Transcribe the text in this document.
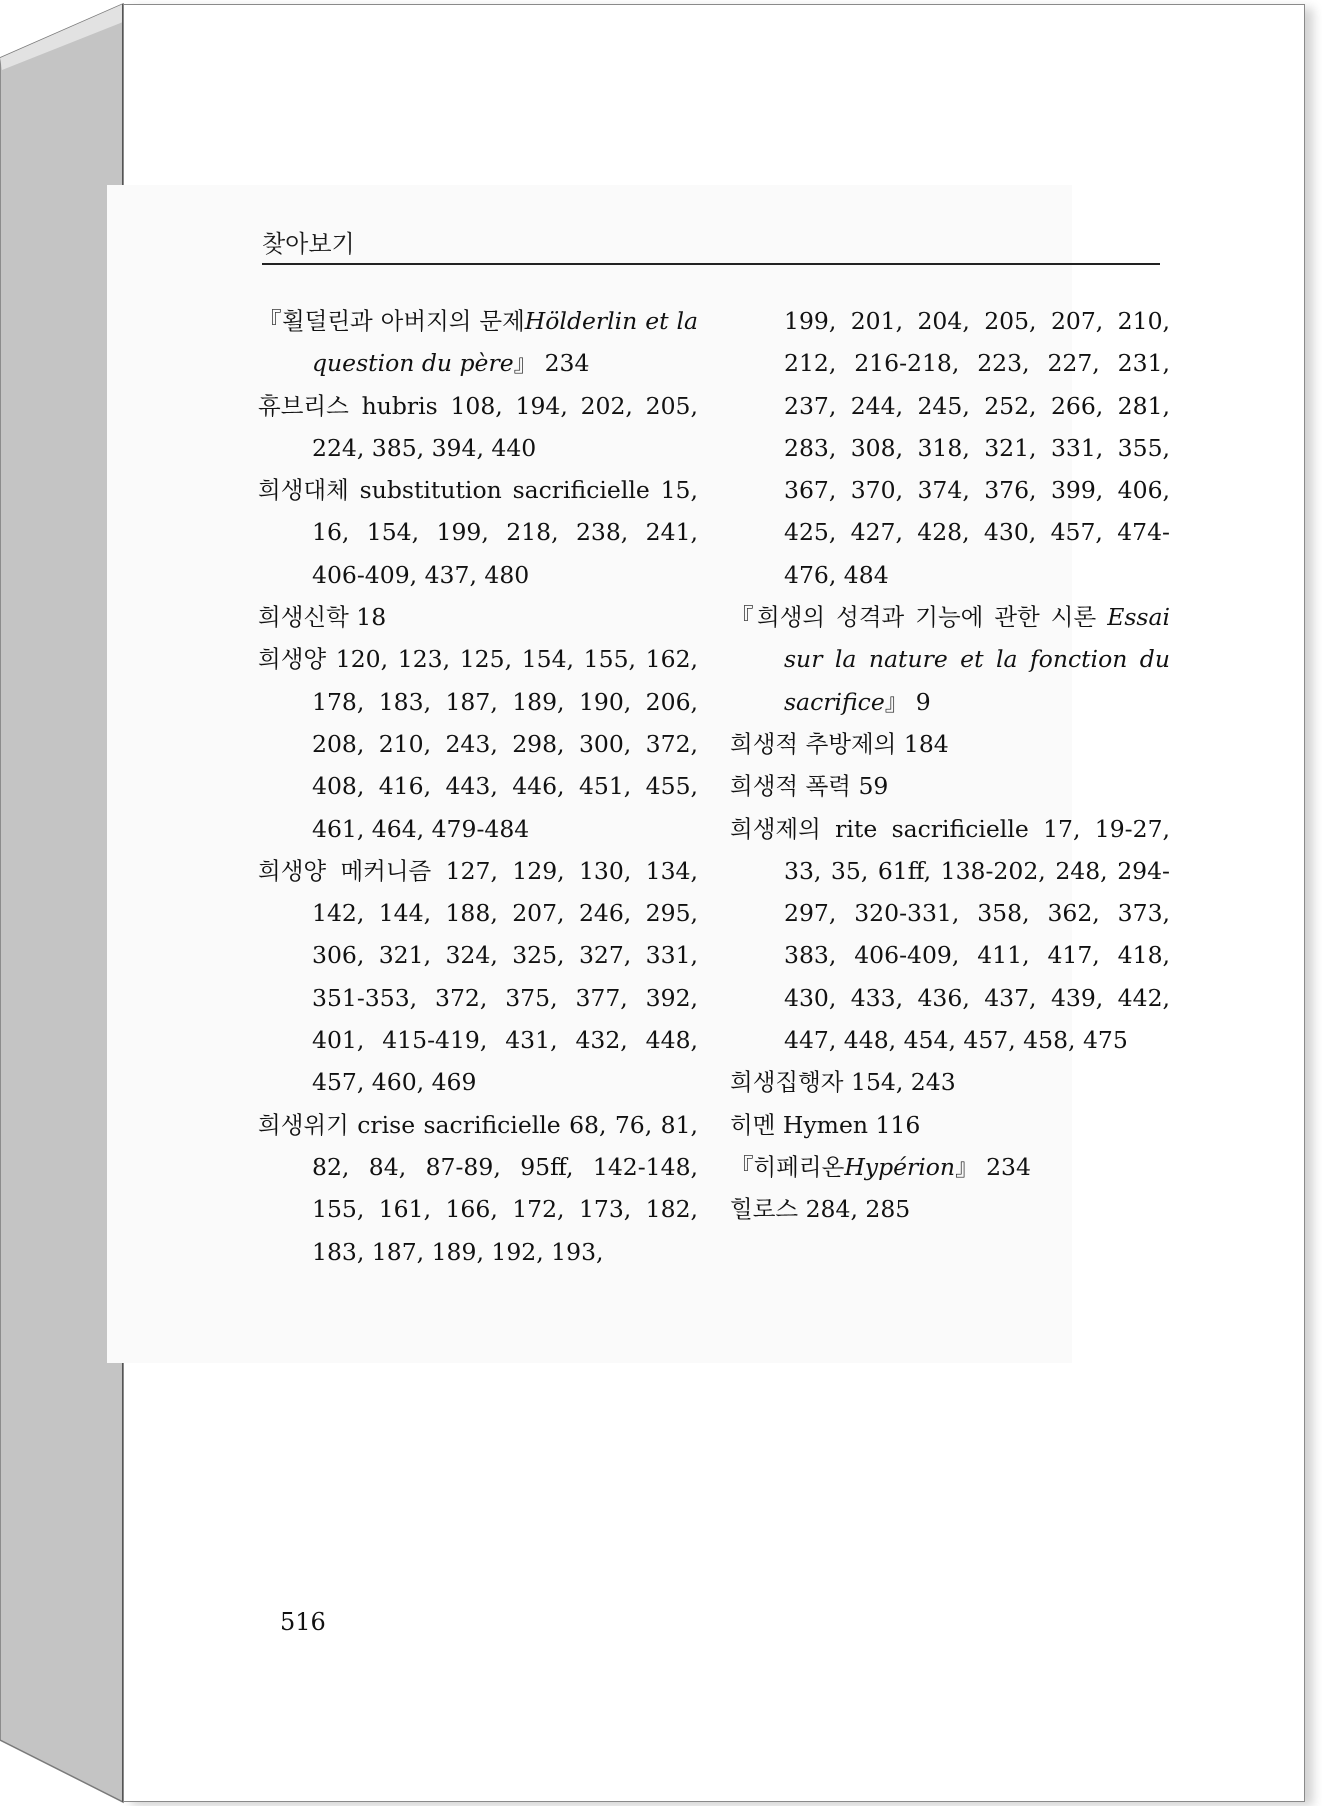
찾아보기
『횔덜린과 아버지의 문제Hölderlin et la question du père』 234
휴브리스 hubris 108, 194, 202, 205, 224, 385, 394, 440
희생대체 substitution sacrificielle 15, 16, 154, 199, 218, 238, 241, 406-409, 437, 480
희생신학 18
희생양 120, 123, 125, 154, 155, 162, 178, 183, 187, 189, 190, 206, 208, 210, 243, 298, 300, 372, 408, 416, 443, 446, 451, 455, 461, 464, 479-484
희생양 메커니즘 127, 129, 130, 134, 142, 144, 188, 207, 246, 295, 306, 321, 324, 325, 327, 331, 351-353, 372, 375, 377, 392, 401, 415-419, 431, 432, 448, 457, 460, 469
희생위기 crise sacrificielle 68, 76, 81, 82, 84, 87-89, 95ff, 142-148, 155, 161, 166, 172, 173, 182, 183, 187, 189, 192, 193,
199, 201, 204, 205, 207, 210, 212, 216-218, 223, 227, 231, 237, 244, 245, 252, 266, 281, 283, 308, 318, 321, 331, 355, 367, 370, 374, 376, 399, 406, 425, 427, 428, 430, 457, 474-476, 484
『희생의 성격과 기능에 관한 시론 Essai sur la nature et la fonction du sacrifice』 9
희생적 추방제의 184
희생적 폭력 59
희생제의 rite sacrificielle 17, 19-27, 33, 35, 61ff, 138-202, 248, 294-297, 320-331, 358, 362, 373, 383, 406-409, 411, 417, 418, 430, 433, 436, 437, 439, 442, 447, 448, 454, 457, 458, 475
희생집행자 154, 243
히멘 Hymen 116
『히페리온Hypérion』 234
힐로스 284, 285
516
